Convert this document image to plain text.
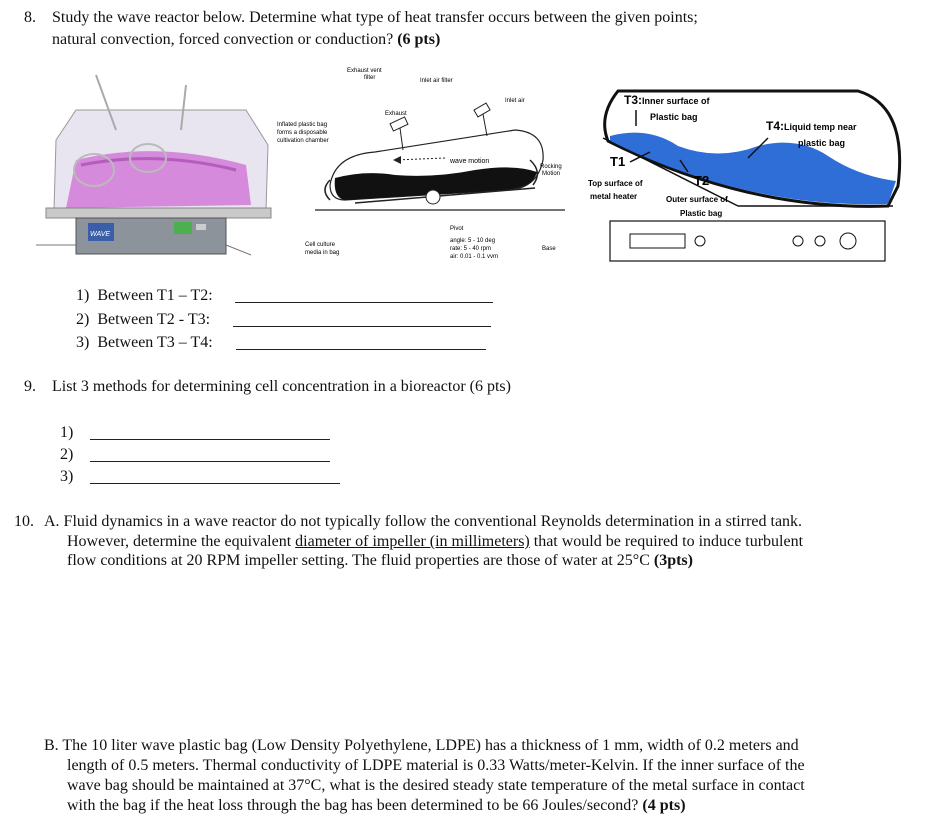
8. Study the wave reactor below. Determine what type of heat transfer occurs between the given points;
natural convection, forced convection or conduction? (6 pts)
WAVE
Exhaust vent
filter	Inlet air filter
Exhaust
Inlet air
Inflated plastic bag
forms a disposable
cultivation chamber
wave motion
Rocking
Motion
Pivot
angle: 5 - 10 deg
rate: 5 - 40 rpm
air: 0.01 - 0.1 vvm
Cell culture
media in bag
Base
T3:Inner surface of
Plastic bag
T4:Liquid temp near
plastic bag
T1
Top surface of
metal heater
T2
Outer surface of
Plastic bag
1) Between T1 – T2:
2) Between T2 - T3:
3) Between T3 – T4:
9. List 3 methods for determining cell concentration in a bioreactor (6 pts)
1)
2)
3)
10. A. Fluid dynamics in a wave reactor do not typically follow the conventional Reynolds determination in a stirred tank.
However, determine the equivalent diameter of impeller (in millimeters) that would be required to induce turbulent
flow conditions at 20 RPM impeller setting. The fluid properties are those of water at 25°C (3pts)
B. The 10 liter wave plastic bag (Low Density Polyethylene, LDPE) has a thickness of 1 mm, width of 0.2 meters and
length of 0.5 meters. Thermal conductivity of LDPE material is 0.33 Watts/meter-Kelvin. If the inner surface of the
wave bag should be maintained at 37°C, what is the desired steady state temperature of the metal surface in contact
with the bag if the heat loss through the bag has been determined to be 66 Joules/second? (4 pts)
